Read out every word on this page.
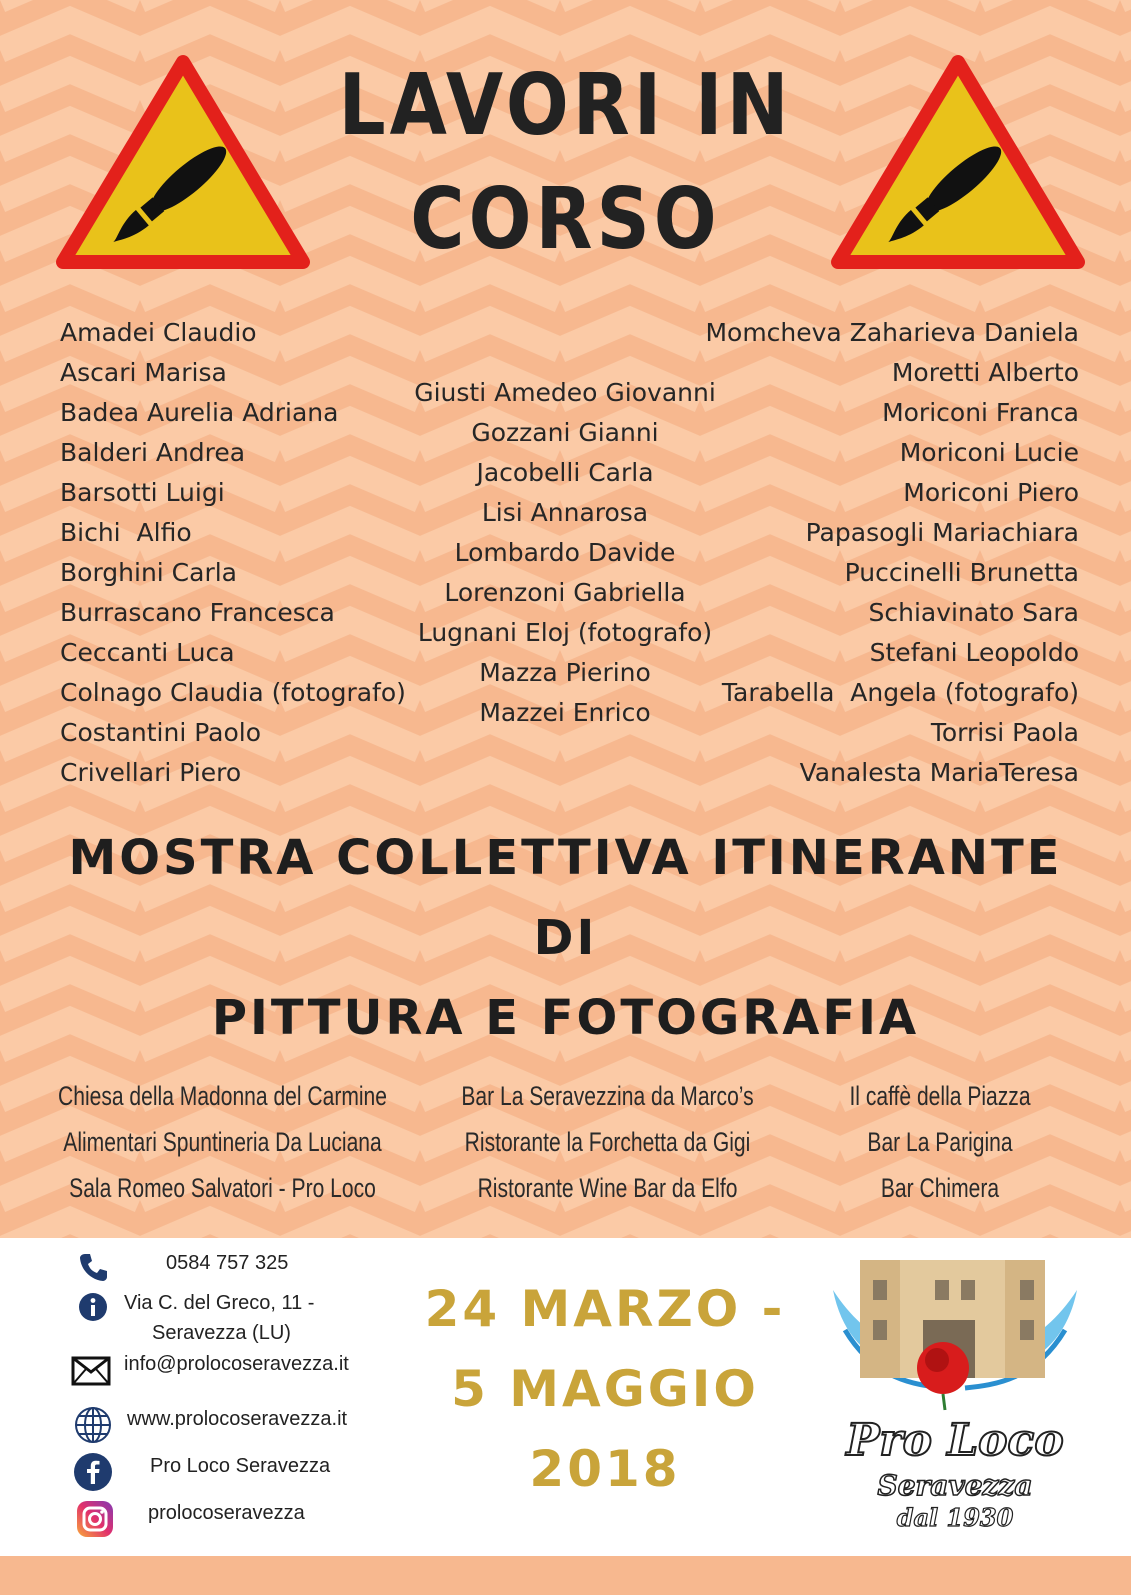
LAVORI IN
CORSO
Amadei Claudio
Ascari Marisa
Badea Aurelia Adriana
Balderi Andrea
Barsotti Luigi
Bichi  Alfio
Borghini Carla
Burrascano Francesca
Ceccanti Luca
Colnago Claudia (fotografo)
Costantini Paolo
Crivellari Piero
Giusti Amedeo Giovanni
Gozzani Gianni
Jacobelli Carla
Lisi Annarosa
Lombardo Davide
Lorenzoni Gabriella
Lugnani Eloj (fotografo)
Mazza Pierino
Mazzei Enrico
Momcheva Zaharieva Daniela
Moretti Alberto
Moriconi Franca
Moriconi Lucie
Moriconi Piero
Papasogli Mariachiara
Puccinelli Brunetta
Schiavinato Sara
Stefani Leopoldo
Tarabella  Angela (fotografo)
Torrisi Paola
Vanalesta MariaTeresa
MOSTRA COLLETTIVA ITINERANTE
DI
PITTURA E FOTOGRAFIA
Chiesa della Madonna del Carmine
Alimentari Spuntineria Da Luciana
Sala Romeo Salvatori - Pro Loco
Bar La Seravezzina da Marco’s
Ristorante la Forchetta da Gigi
Ristorante Wine Bar da Elfo
Il caffè della Piazza
Bar La Parigina
Bar Chimera
0584 757 325
Via C. del Greco, 11 -
Seravezza (LU)
info@prolocoseravezza.it
www.prolocoseravezza.it
Pro Loco Seravezza
prolocoseravezza
24 MARZO -
5 MAGGIO
2018	Pro Loco
Seravezza
dal 1930
